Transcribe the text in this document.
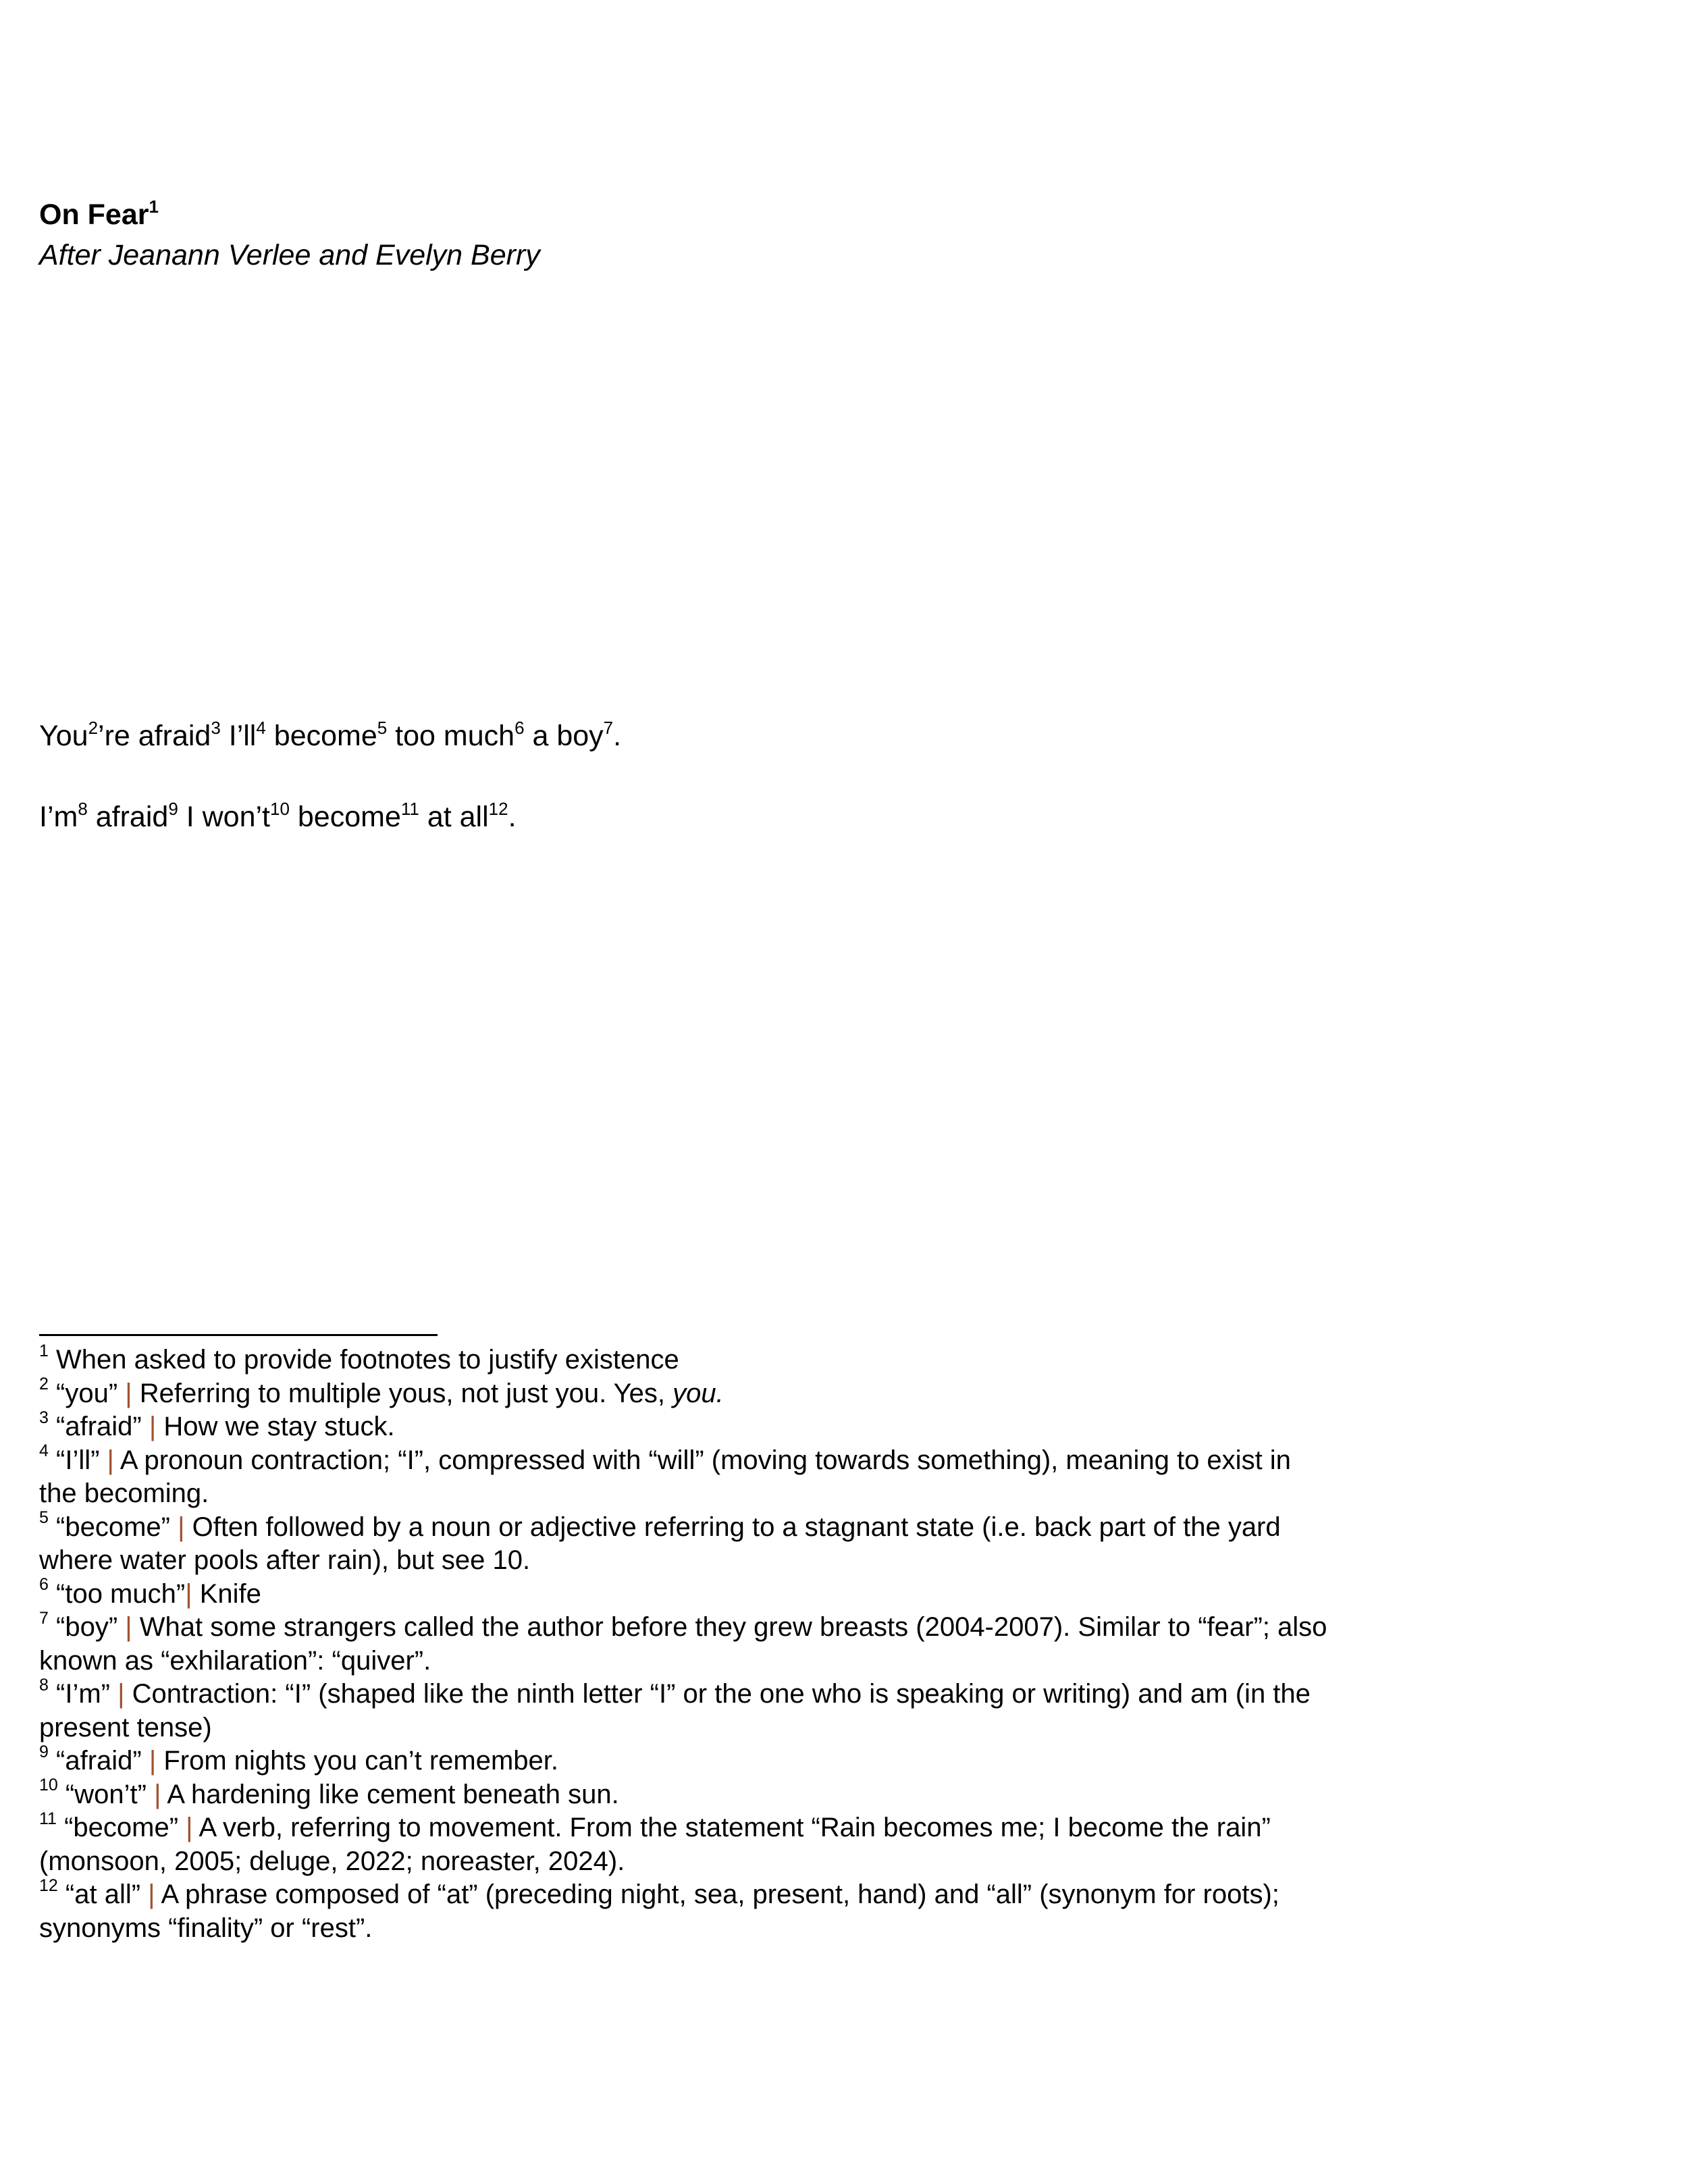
On Fear$^1$
After Jeanann Verlee and Evelyn Berry
You$^2$’re afraid$^3$ $I’ll^4$ become$^5$ too much$^6$ a boy$^7$.
$I’m^8$ afraid$^9$ I $won’t^{10}$ become$^{11}$ at all$^{12}$.

$^1$ When asked to provide footnotes to justify existence

$^2$ “you” | Referring to multiple yous, not just you. Yes, you.

$^3$ “afraid” | How we stay stuck.

$^4$ “I’ll” | A pronoun contraction; “I”, compressed with “will” (moving towards something), meaning to exist in the becoming.

$^5$ “become” | Often followed by a noun or adjective referring to a stagnant state (i.e. back part of the yard where water pools after rain), but see 10.

$^6$ “too much”| Knife

$^7$ “boy” | What some strangers called the author before they grew breasts (2004-2007). Similar to “fear”; also known as “exhilaration”: “quiver”.

$^8$ “I’m” | Contraction: “I” (shaped like the ninth letter “I” or the one who is speaking or writing) and am (in the present tense)

$^9$ “afraid” | From nights you can’t remember.

$^{10}$ “won’t” | A hardening like cement beneath sun.

$^{11}$ “become” | A verb, referring to movement. From the statement “Rain becomes me; I become the rain” (monsoon, 2005; deluge, 2022; noreaster, 2024).

$^{12}$ “at all” | A phrase composed of “at” (preceding night, sea, present, hand) and “all” (synonym for roots); synonyms “finality” or “rest”.
